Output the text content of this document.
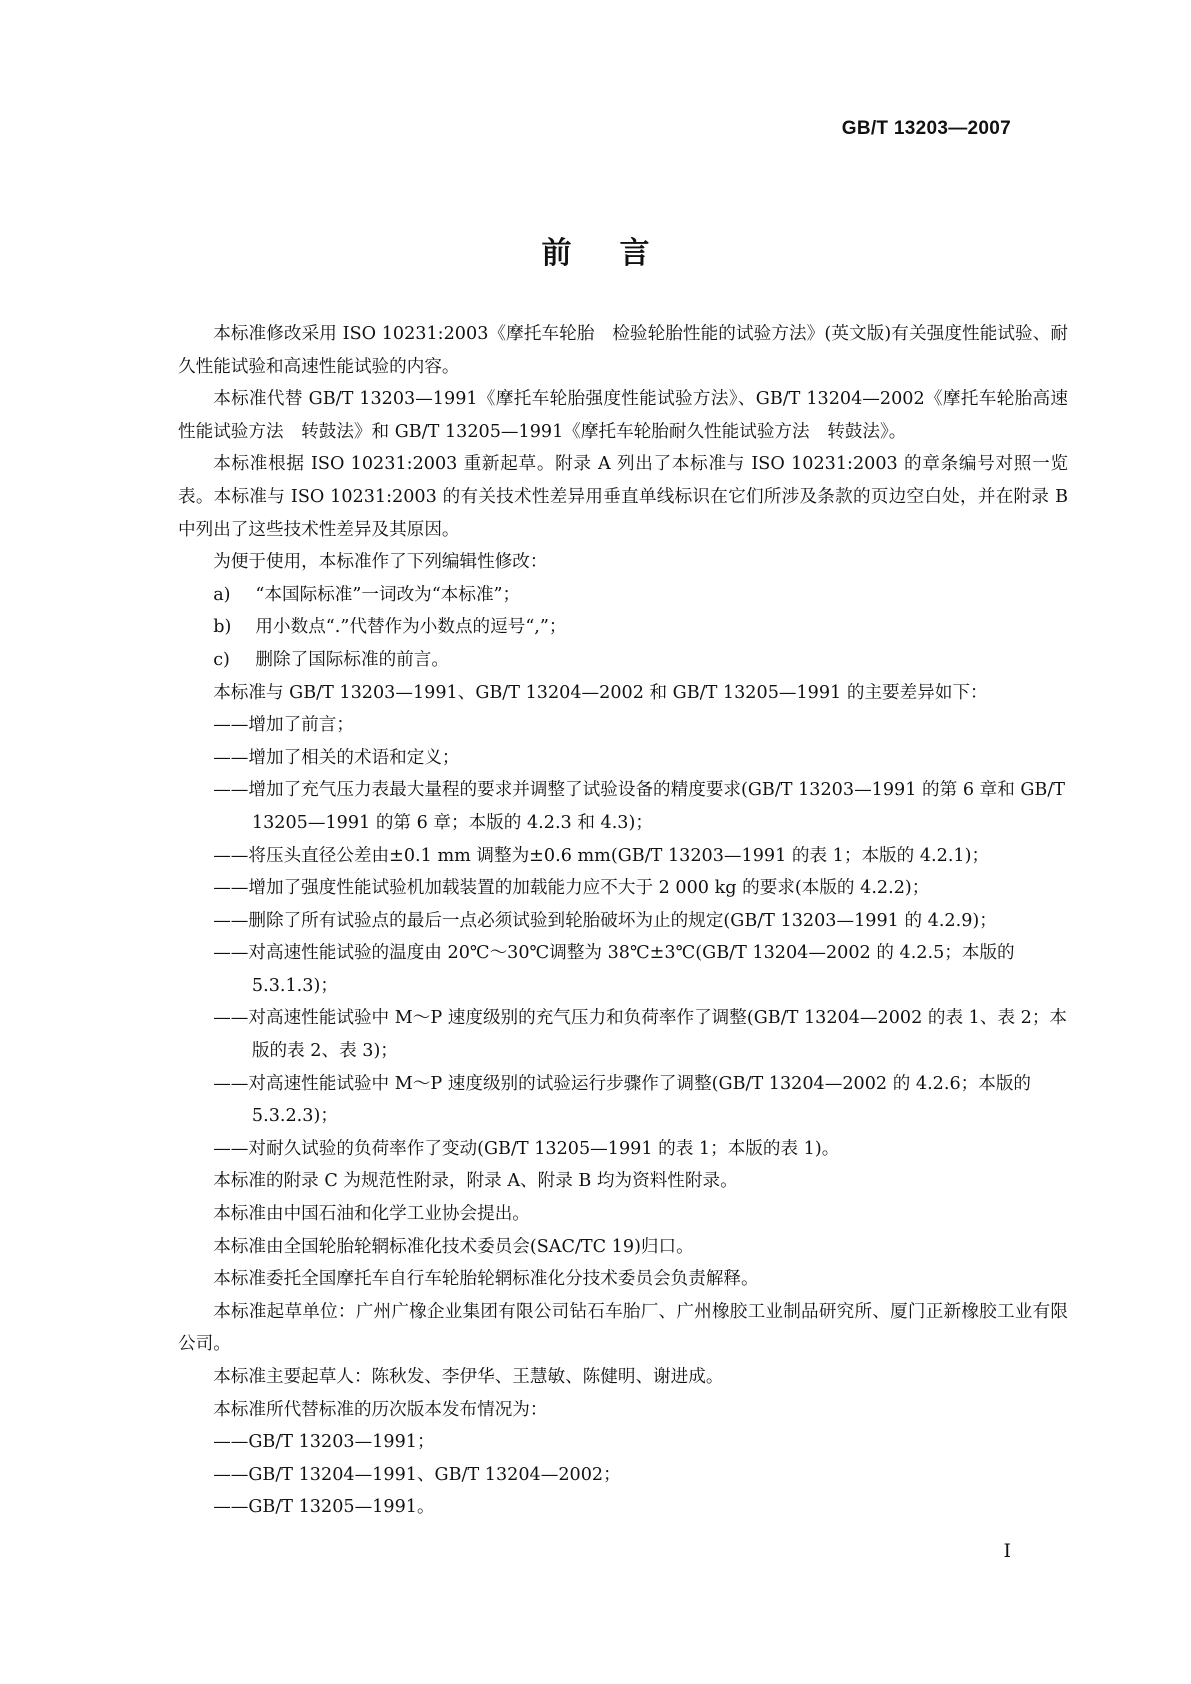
GB/T 13203—2007
前言

本标准修改采用 ISO 10231:2003《摩托车轮胎　检验轮胎性能的试验方法》(英文版)有关强度性能试验、耐久性能试验和高速性能试验的内容。

本标准代替 GB/T 13203—1991《摩托车轮胎强度性能试验方法》、GB/T 13204—2002《摩托车轮胎高速性能试验方法　转鼓法》和 GB/T 13205—1991《摩托车轮胎耐久性能试验方法　转鼓法》。

本标准根据 ISO 10231:2003 重新起草。附录 A 列出了本标准与 ISO 10231:2003 的章条编号对照一览表。本标准与 ISO 10231:2003 的有关技术性差异用垂直单线标识在它们所涉及条款的页边空白处，并在附录 B 中列出了这些技术性差异及其原因。

为便于使用，本标准作了下列编辑性修改：

a) “本国际标准”一词改为“本标准”；
b) 用小数点“.”代替作为小数点的逗号“,”；
c) 删除了国际标准的前言。

本标准与 GB/T 13203—1991、GB/T 13204—2002 和 GB/T 13205—1991 的主要差异如下：

——增加了前言；
——增加了相关的术语和定义；
——增加了充气压力表最大量程的要求并调整了试验设备的精度要求(GB/T 13203—1991 的第 6 章和 GB/T 13205—1991 的第 6 章；本版的 4.2.3 和 4.3)；
——将压头直径公差由±0.1 mm 调整为±0.6 mm(GB/T 13203—1991 的表 1；本版的 4.2.1)；
——增加了强度性能试验机加载装置的加载能力应不大于 2 000 kg 的要求(本版的 4.2.2)；
——删除了所有试验点的最后一点必须试验到轮胎破坏为止的规定(GB/T 13203—1991 的 4.2.9)；
——对高速性能试验的温度由 20℃～30℃调整为 38℃±3℃(GB/T 13204—2002 的 4.2.5；本版的 5.3.1.3)；
——对高速性能试验中 M～P 速度级别的充气压力和负荷率作了调整(GB/T 13204—2002 的表 1、表 2；本版的表 2、表 3)；
——对高速性能试验中 M～P 速度级别的试验运行步骤作了调整(GB/T 13204—2002 的 4.2.6；本版的 5.3.2.3)；
——对耐久试验的负荷率作了变动(GB/T 13205—1991 的表 1；本版的表 1)。

本标准的附录 C 为规范性附录，附录 A、附录 B 均为资料性附录。

本标准由中国石油和化学工业协会提出。

本标准由全国轮胎轮辋标准化技术委员会(SAC/TC 19)归口。

本标准委托全国摩托车自行车轮胎轮辋标准化分技术委员会负责解释。

本标准起草单位：广州广橡企业集团有限公司钻石车胎厂、广州橡胶工业制品研究所、厦门正新橡胶工业有限公司。

本标准主要起草人：陈秋发、李伊华、王慧敏、陈健明、谢进成。

本标准所代替标准的历次版本发布情况为：

——GB/T 13203—1991；
——GB/T 13204—1991、GB/T 13204—2002；
——GB/T 13205—1991。
I
